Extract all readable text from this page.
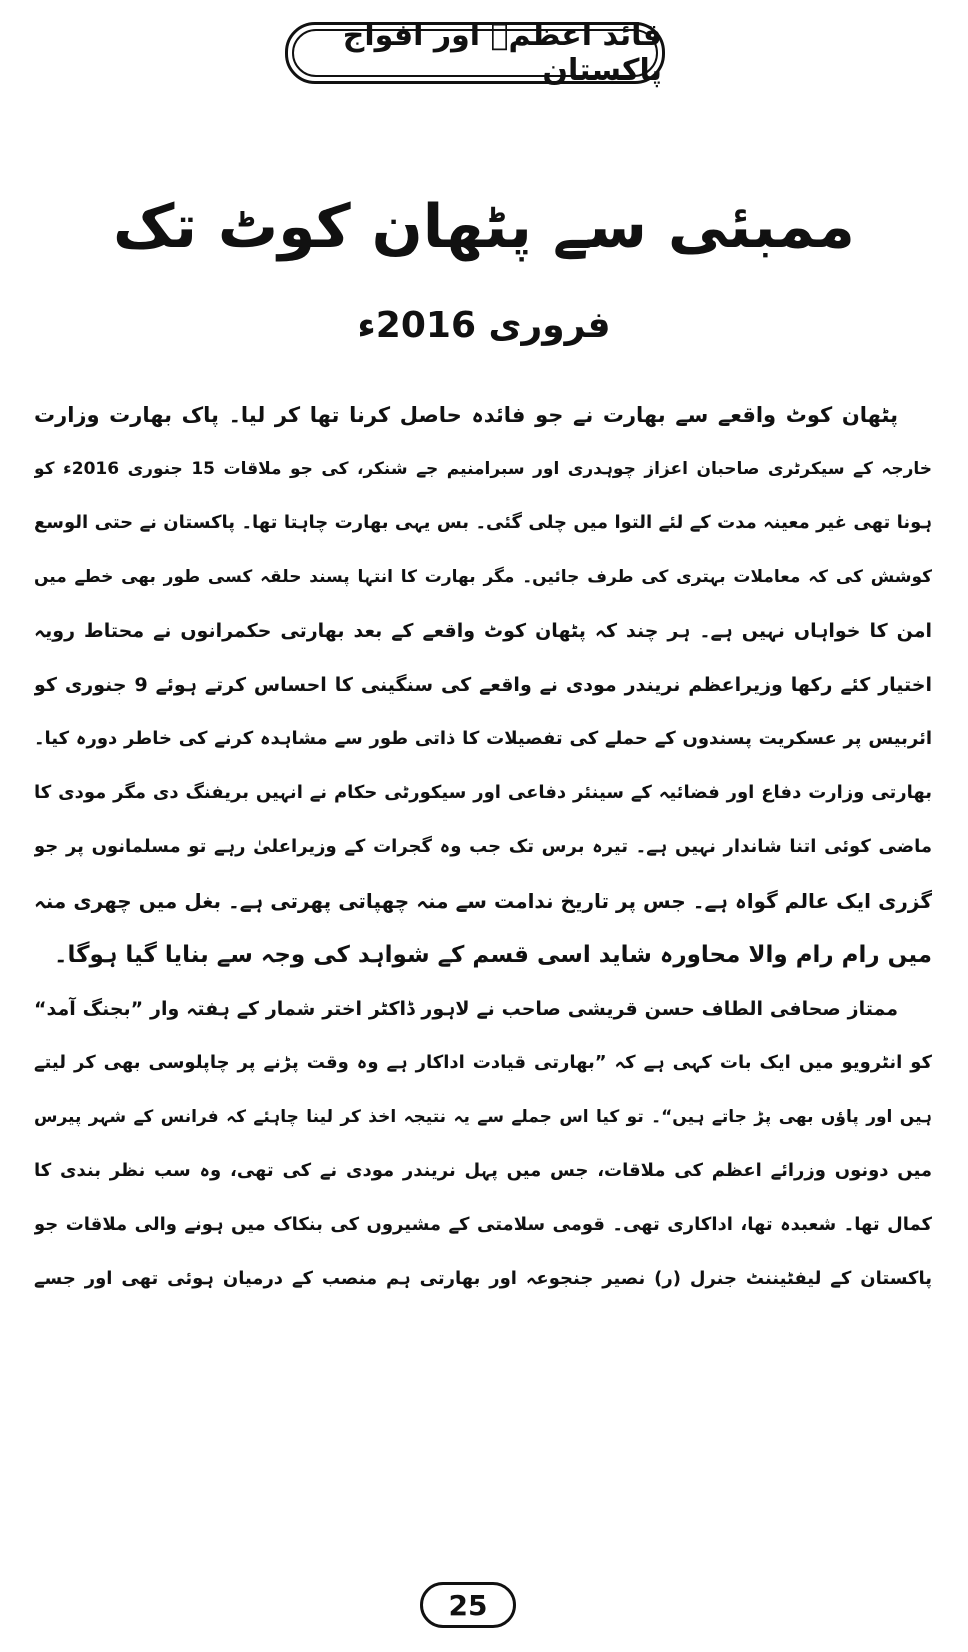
قائد اعظمؒ اور افواج پاکستان
ممبئی سے پٹھان کوٹ تک
فروری 2016ء
پٹھان کوٹ واقعے سے بھارت نے جو فائدہ حاصل کرنا تھا کر لیا۔ پاک بھارت وزارت
خارجہ کے سیکرٹری صاحبان اعزاز چوہدری اور سبرامنیم جے شنکر، کی جو ملاقات 15 جنوری 2016ء کو
ہونا تھی غیر معینہ مدت کے لئے التوا میں چلی گئی۔ بس یہی بھارت چاہتا تھا۔ پاکستان نے حتی الوسع
کوشش کی کہ معاملات بہتری کی طرف جائیں۔ مگر بھارت کا انتہا پسند حلقہ کسی طور بھی خطے میں
امن کا خواہاں نہیں ہے۔ ہر چند کہ پٹھان کوٹ واقعے کے بعد بھارتی حکمرانوں نے محتاط رویہ
اختیار کئے رکھا وزیراعظم نریندر مودی نے واقعے کی سنگینی کا احساس کرتے ہوئے 9 جنوری کو
ائربیس پر عسکریت پسندوں کے حملے کی تفصیلات کا ذاتی طور سے مشاہدہ کرنے کی خاطر دورہ کیا۔
بھارتی وزارت دفاع اور فضائیہ کے سینئر دفاعی اور سیکورٹی حکام نے انہیں بریفنگ دی مگر مودی کا
ماضی کوئی اتنا شاندار نہیں ہے۔ تیرہ برس تک جب وہ گجرات کے وزیراعلیٰ رہے تو مسلمانوں پر جو
گزری ایک عالم گواہ ہے۔ جس پر تاریخ ندامت سے منہ چھپاتی پھرتی ہے۔ بغل میں چھری منہ
میں رام رام والا محاورہ شاید اسی قسم کے شواہد کی وجہ سے بنایا گیا ہوگا۔
ممتاز صحافی الطاف حسن قریشی صاحب نے لاہور ڈاکٹر اختر شمار کے ہفتہ وار ”بجنگ آمد“
کو انٹرویو میں ایک بات کہی ہے کہ ”بھارتی قیادت اداکار ہے وہ وقت پڑنے پر چاپلوسی بھی کر لیتے
ہیں اور پاؤں بھی پڑ جاتے ہیں“۔ تو کیا اس جملے سے یہ نتیجہ اخذ کر لینا چاہئے کہ فرانس کے شہر پیرس
میں دونوں وزرائے اعظم کی ملاقات، جس میں پہل نریندر مودی نے کی تھی، وہ سب نظر بندی کا
کمال تھا۔ شعبدہ تھا، اداکاری تھی۔ قومی سلامتی کے مشیروں کی بنکاک میں ہونے والی ملاقات جو
پاکستان کے لیفٹیننٹ جنرل (ر) نصیر جنجوعہ اور بھارتی ہم منصب کے درمیان ہوئی تھی اور جسے
25
